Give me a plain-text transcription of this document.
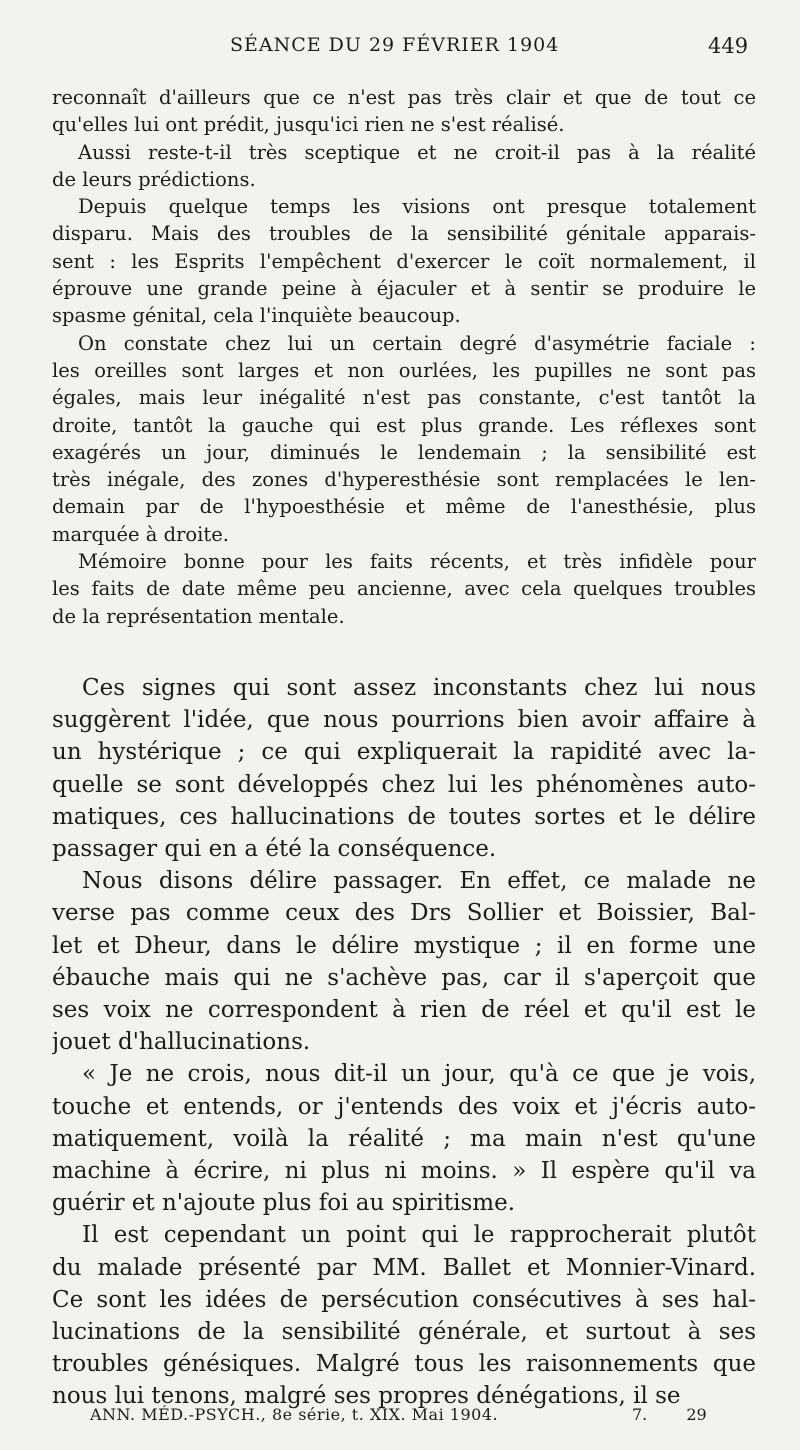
SÉANCE DU 29 FÉVRIER 1904	449
reconnaît d'ailleurs que ce n'est pas très clair et que de tout ce
qu'elles lui ont prédit, jusqu'ici rien ne s'est réalisé.
Aussi reste-t-il très sceptique et ne croit-il pas à la réalité
de leurs prédictions.
Depuis quelque temps les visions ont presque totalement
disparu. Mais des troubles de la sensibilité génitale apparais-
sent : les Esprits l'empêchent d'exercer le coït normalement, il
éprouve une grande peine à éjaculer et à sentir se produire le
spasme génital, cela l'inquiète beaucoup.
On constate chez lui un certain degré d'asymétrie faciale :
les oreilles sont larges et non ourlées, les pupilles ne sont pas
égales, mais leur inégalité n'est pas constante, c'est tantôt la
droite, tantôt la gauche qui est plus grande. Les réflexes sont
exagérés un jour, diminués le lendemain ; la sensibilité est
très inégale, des zones d'hyperesthésie sont remplacées le len-
demain par de l'hypoesthésie et même de l'anesthésie, plus
marquée à droite.
Mémoire bonne pour les faits récents, et très infidèle pour
les faits de date même peu ancienne, avec cela quelques troubles
de la représentation mentale.
Ces signes qui sont assez inconstants chez lui nous
suggèrent l'idée, que nous pourrions bien avoir affaire à
un hystérique ; ce qui expliquerait la rapidité avec la-
quelle se sont développés chez lui les phénomènes auto-
matiques, ces hallucinations de toutes sortes et le délire
passager qui en a été la conséquence.
Nous disons délire passager. En effet, ce malade ne
verse pas comme ceux des Drs Sollier et Boissier, Bal-
let et Dheur, dans le délire mystique ; il en forme une
ébauche mais qui ne s'achève pas, car il s'aperçoit que
ses voix ne correspondent à rien de réel et qu'il est le
jouet d'hallucinations.
« Je ne crois, nous dit-il un jour, qu'à ce que je vois,
touche et entends, or j'entends des voix et j'écris auto-
matiquement, voilà la réalité ; ma main n'est qu'une
machine à écrire, ni plus ni moins. » Il espère qu'il va
guérir et n'ajoute plus foi au spiritisme.
Il est cependant un point qui le rapprocherait plutôt
du malade présenté par MM. Ballet et Monnier-Vinard.
Ce sont les idées de persécution consécutives à ses hal-
lucinations de la sensibilité générale, et surtout à ses
troubles génésiques. Malgré tous les raisonnements que
nous lui tenons, malgré ses propres dénégations, il se
ANN. MÉD.-PSYCH., 8e série, t. XIX. Mai 1904.	7. 29
